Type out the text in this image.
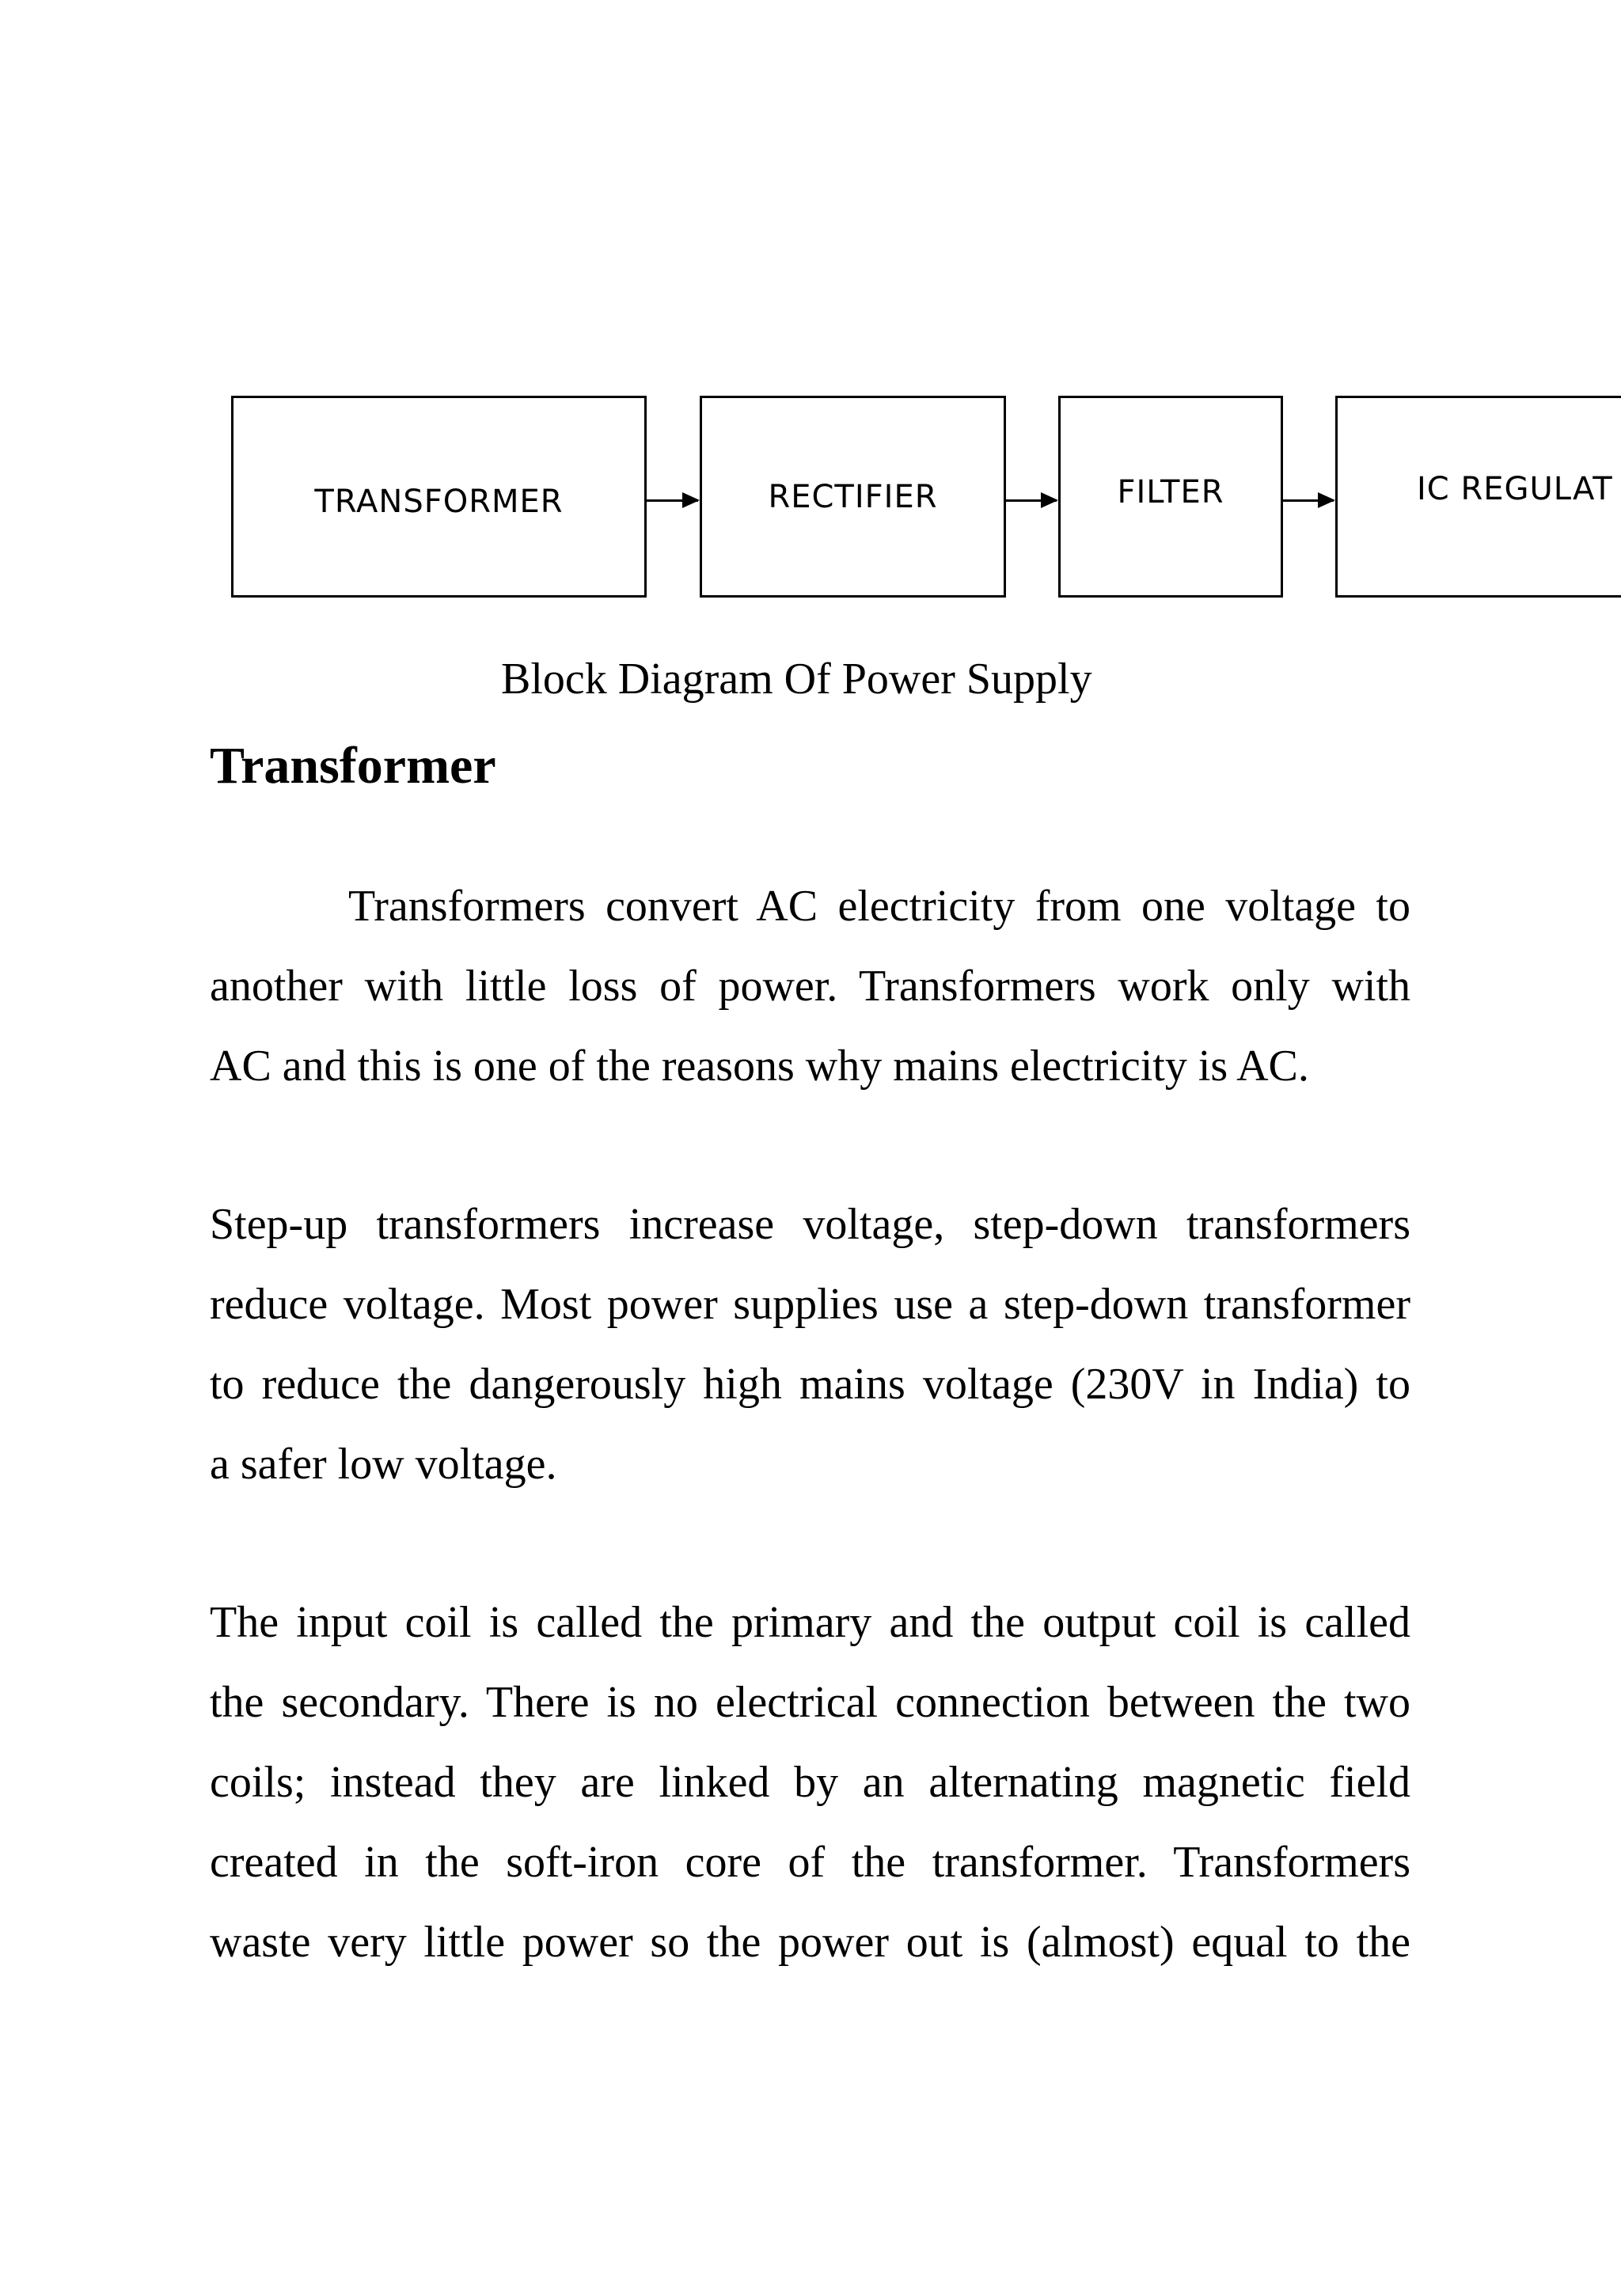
TRANSFORMER	RECTIFIER	FILTER	IC REGULAT
Block Diagram Of Power Supply
Transformer
Transformers convert AC electricity from one voltage to
another with little loss of power. Transformers work only with
AC and this is one of the reasons why mains electricity is AC.
Step-up transformers increase voltage, step-down transformers
reduce voltage. Most power supplies use a step-down transformer
to reduce the dangerously high mains voltage (230V in India) to
a safer low voltage.
The input coil is called the primary and the output coil is called
the secondary. There is no electrical connection between the two
coils; instead they are linked by an alternating magnetic field
created in the soft-iron core of the transformer. Transformers
waste very little power so the power out is (almost) equal to the
